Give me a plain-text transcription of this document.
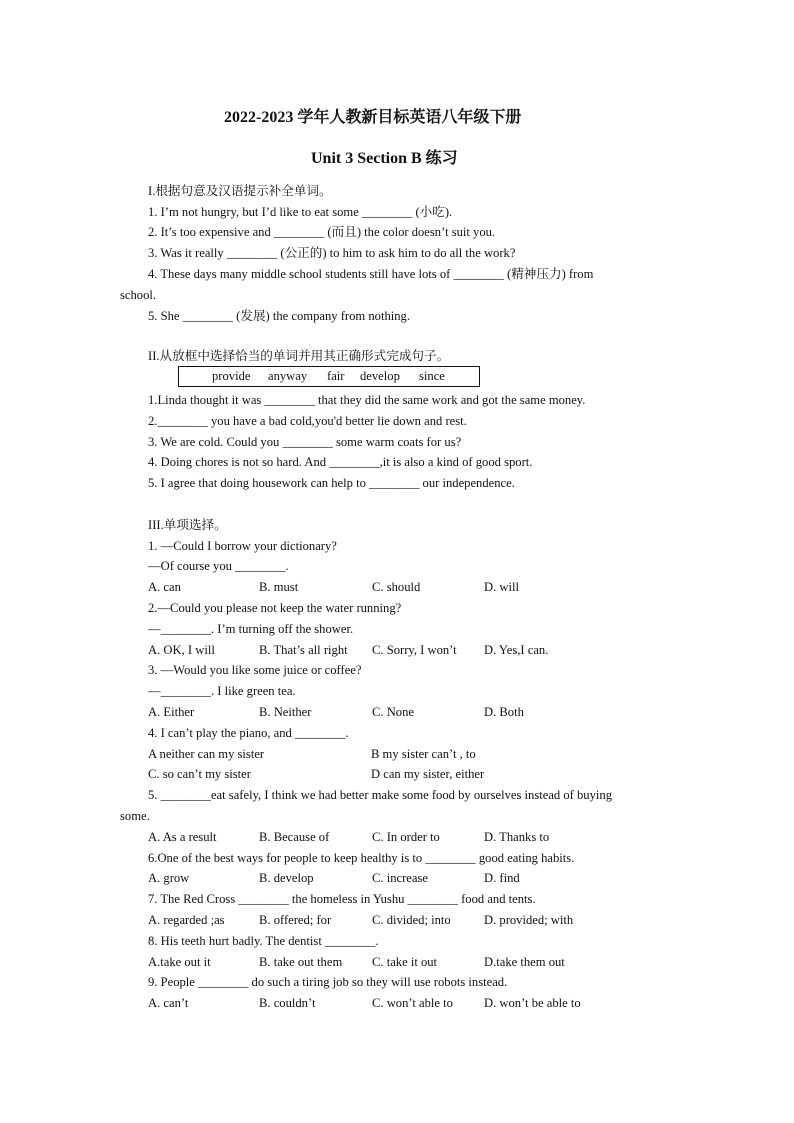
2022-2023 学年人教新目标英语八年级下册
Unit 3 Section B 练习
I.根据句意及汉语提示补全单词。
1. I’m not hungry, but I’d like to eat some ________ (小吃).
2. It’s too expensive and ________ (而且) the color doesn’t suit you.
3. Was it really ________ (公正的) to him to ask him to do all the work?
4. These days many middle school students still have lots of ________ (精神压力) from
school.
5. She ________ (发展) the company from nothing.
II.从放框中选择恰当的单词并用其正确形式完成句子。
provide anyway fair develop since
1.Linda thought it was ________ that they did the same work and got the same money.
2.________ you have a bad cold,you'd better lie down and rest.
3. We are cold. Could you ________ some warm coats for us?
4. Doing chores is not so hard. And ________,it is also a kind of good sport.
5. I agree that doing housework can help to ________ our independence.
III.单项选择。
1. —Could I borrow your dictionary?
—Of course you ________.
A. can	B. must	C. should	D. will
2.—Could you please not keep the water running?
—________. I’m turning off the shower.
A. OK, I will	B. That’s all right C. Sorry, I won’t D. Yes,I can.
3. —Would you like some juice or coffee?
—________. I like green tea.
A. Either	B. Neither	C. None	D. Both
4. I can’t play the piano, and ________.
A neither can my sister	B my sister can’t , to
C. so can’t my sister	D can my sister, either
5. ________eat safely, I think we had better make some food by ourselves instead of buying
some.
A. As a result	B. Because of	C. In order to	D. Thanks to
6.One of the best ways for people to keep healthy is to ________ good eating habits.
A. grow	B. develop	C. increase	D. find
7. The Red Cross ________ the homeless in Yushu ________ food and tents.
A. regarded ;as	B. offered; for	C. divided; into	D. provided; with
8. His teeth hurt badly. The dentist ________.
A.take out it	B. take out them C. take it out	D.take them out
9. People ________ do such a tiring job so they will use robots instead.
A. can’t	B. couldn’t	C. won’t able to D. won’t be able to
